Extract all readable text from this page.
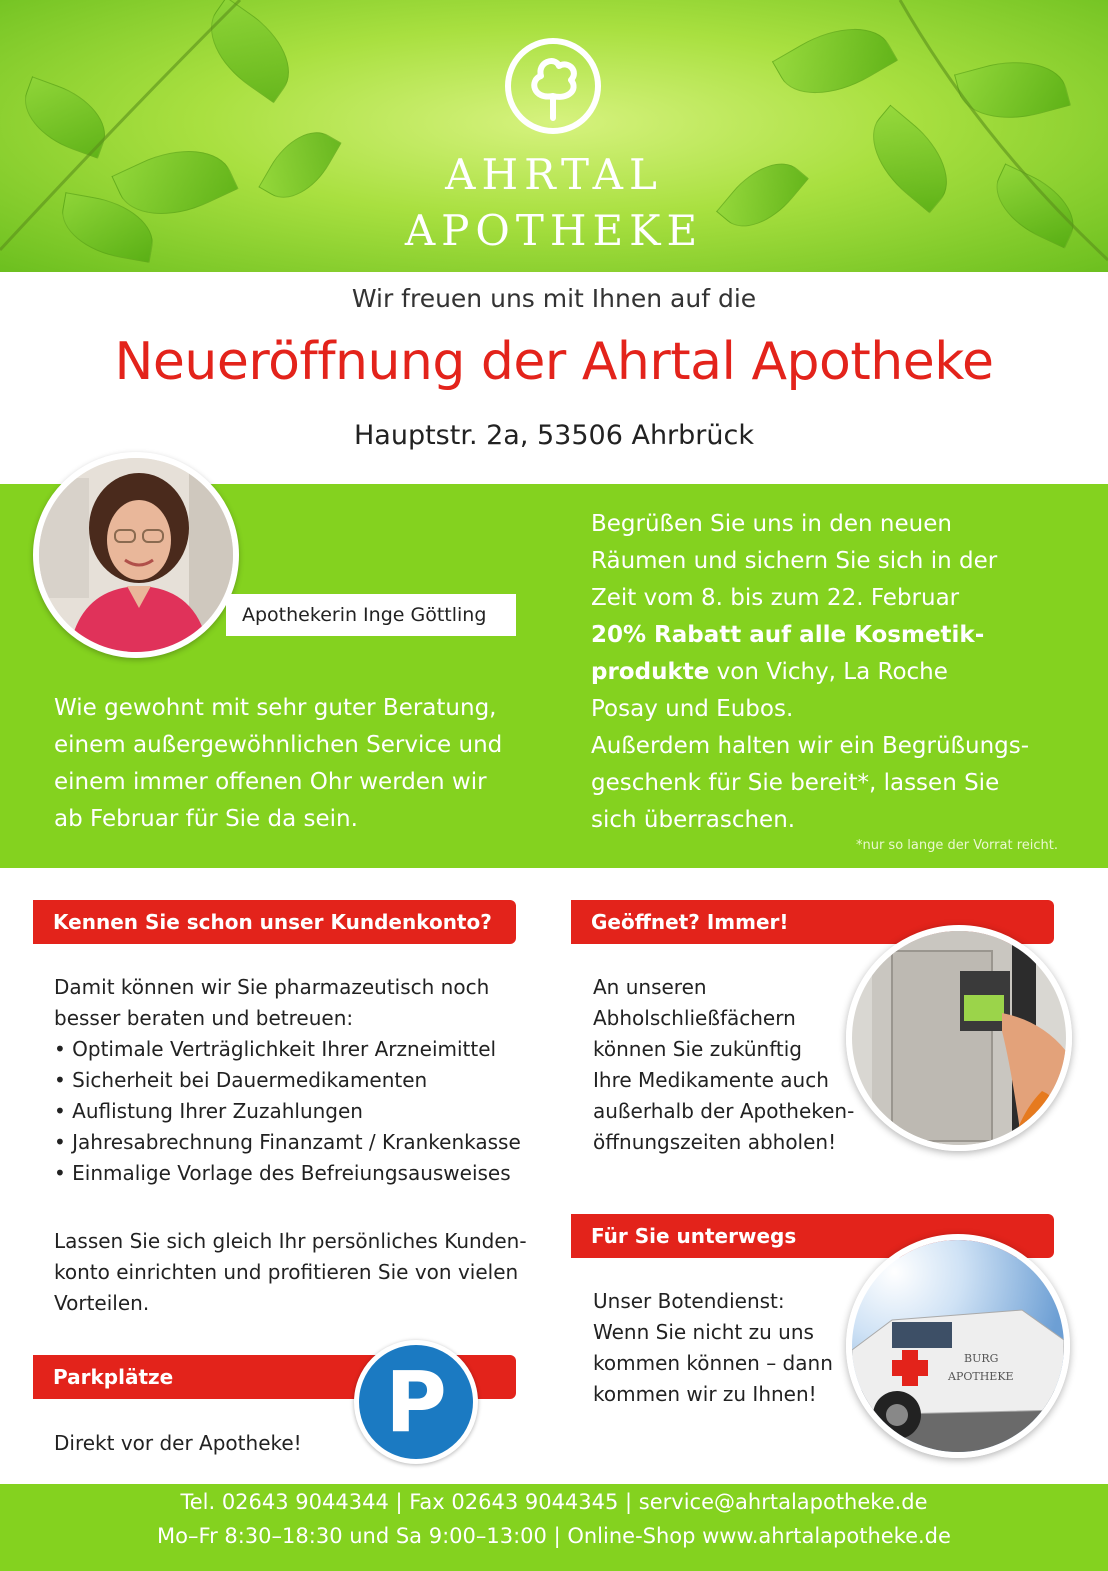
AHRTAL
APOTHEKE
Wir freuen uns mit Ihnen auf die
Neueröffnung der Ahrtal Apotheke
Hauptstr. 2a, 53506 Ahrbrück
Apothekerin Inge Göttling
Wie gewohnt mit sehr guter Beratung,
einem außergewöhnlichen Service und
einem immer offenen Ohr werden wir
ab Februar für Sie da sein.
Begrüßen Sie uns in den neuen
Räumen und sichern Sie sich in der
Zeit vom 8. bis zum 22. Februar
20% Rabatt auf alle Kosmetik-
produkte von Vichy, La Roche
Posay und Eubos.
Außerdem halten wir ein Begrüßungs-
geschenk für Sie bereit*, lassen Sie
sich überraschen.
*nur so lange der Vorrat reicht.
Kennen Sie schon unser Kundenkonto?
Damit können wir Sie pharmazeutisch noch
besser beraten und betreuen:
• Optimale Verträglichkeit Ihrer Arzneimittel
• Sicherheit bei Dauermedikamenten
• Auflistung Ihrer Zuzahlungen
• Jahresabrechnung Finanzamt / Krankenkasse
• Einmalige Vorlage des Befreiungsausweises
Lassen Sie sich gleich Ihr persönliches Kunden-
konto einrichten und profitieren Sie von vielen
Vorteilen.
Parkplätze	P
Direkt vor der Apotheke!
Geöffnet? Immer!
An unseren
Abholschließfächern
können Sie zukünftig
Ihre Medikamente auch
außerhalb der Apotheken-
öffnungszeiten abholen!
Für Sie unterwegs
BURG
APOTHEKE
Unser Botendienst:
Wenn Sie nicht zu uns
kommen können – dann
kommen wir zu Ihnen!
Tel. 02643 9044344 | Fax 02643 9044345 | service@ahrtalapotheke.de
Mo–Fr 8:30–18:30 und Sa 9:00–13:00 | Online-Shop www.ahrtalapotheke.de
